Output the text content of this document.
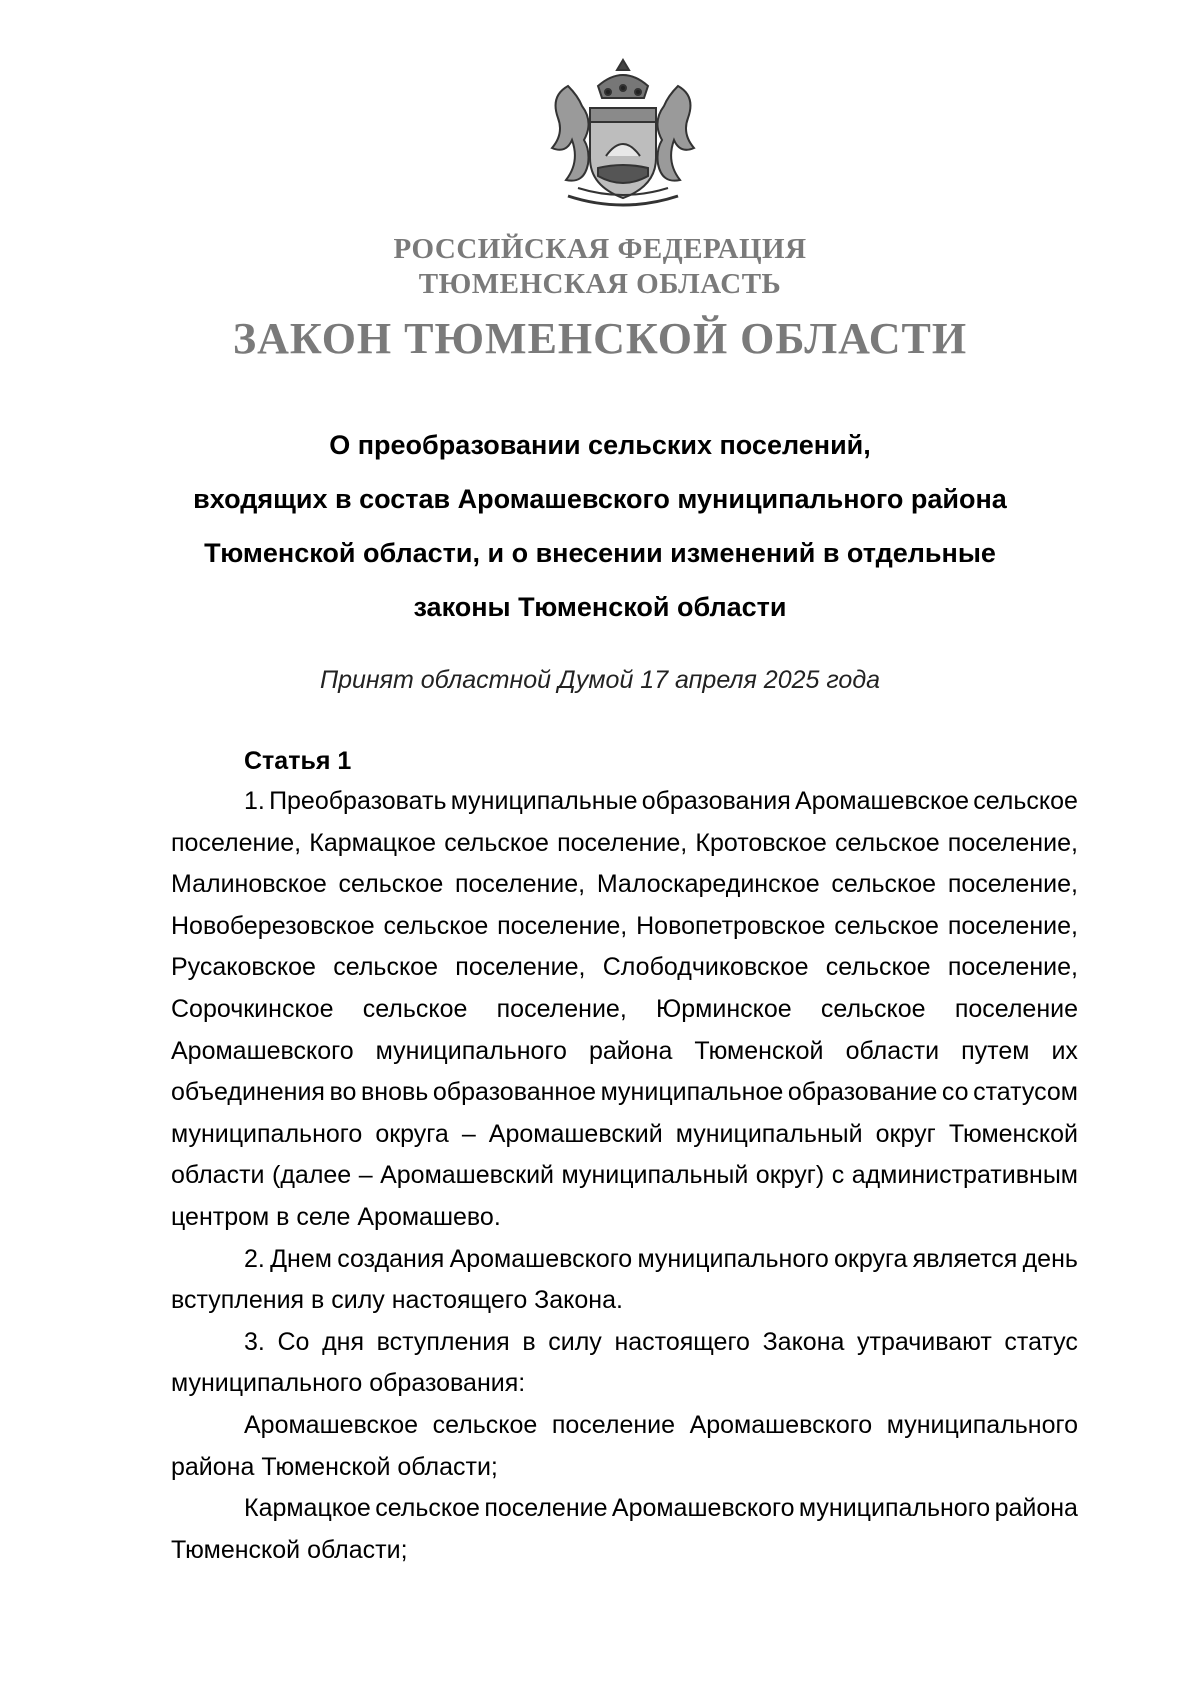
РОССИЙСКАЯ ФЕДЕРАЦИЯ
ТЮМЕНСКАЯ ОБЛАСТЬ
ЗАКОН ТЮМЕНСКОЙ ОБЛАСТИ
О преобразовании сельских поселений,
входящих в состав Аромашевского муниципального района
Тюменской области, и о внесении изменений в отдельные
законы Тюменской области
Принят областной Думой 17 апреля 2025 года
Статья 1
1. Преобразовать муниципальные образования Аромашевское сельское
поселение, Кармацкое сельское поселение, Кротовское сельское поселение,
Малиновское сельское поселение, Малоскарединское сельское поселение,
Новоберезовское сельское поселение, Новопетровское сельское поселение,
Русаковское сельское поселение, Слободчиковское сельское поселение,
Сорочкинское сельское поселение, Юрминское сельское поселение
Аромашевского муниципального района Тюменской области путем их
объединения во вновь образованное муниципальное образование со статусом
муниципального округа – Аромашевский муниципальный округ Тюменской
области (далее – Аромашевский муниципальный округ) с административным
центром в селе Аромашево.
2. Днем создания Аромашевского муниципального округа является день
вступления в силу настоящего Закона.
3. Со дня вступления в силу настоящего Закона утрачивают статус
муниципального образования:
Аромашевское сельское поселение Аромашевского муниципального
района Тюменской области;
Кармацкое сельское поселение Аромашевского муниципального района
Тюменской области;
